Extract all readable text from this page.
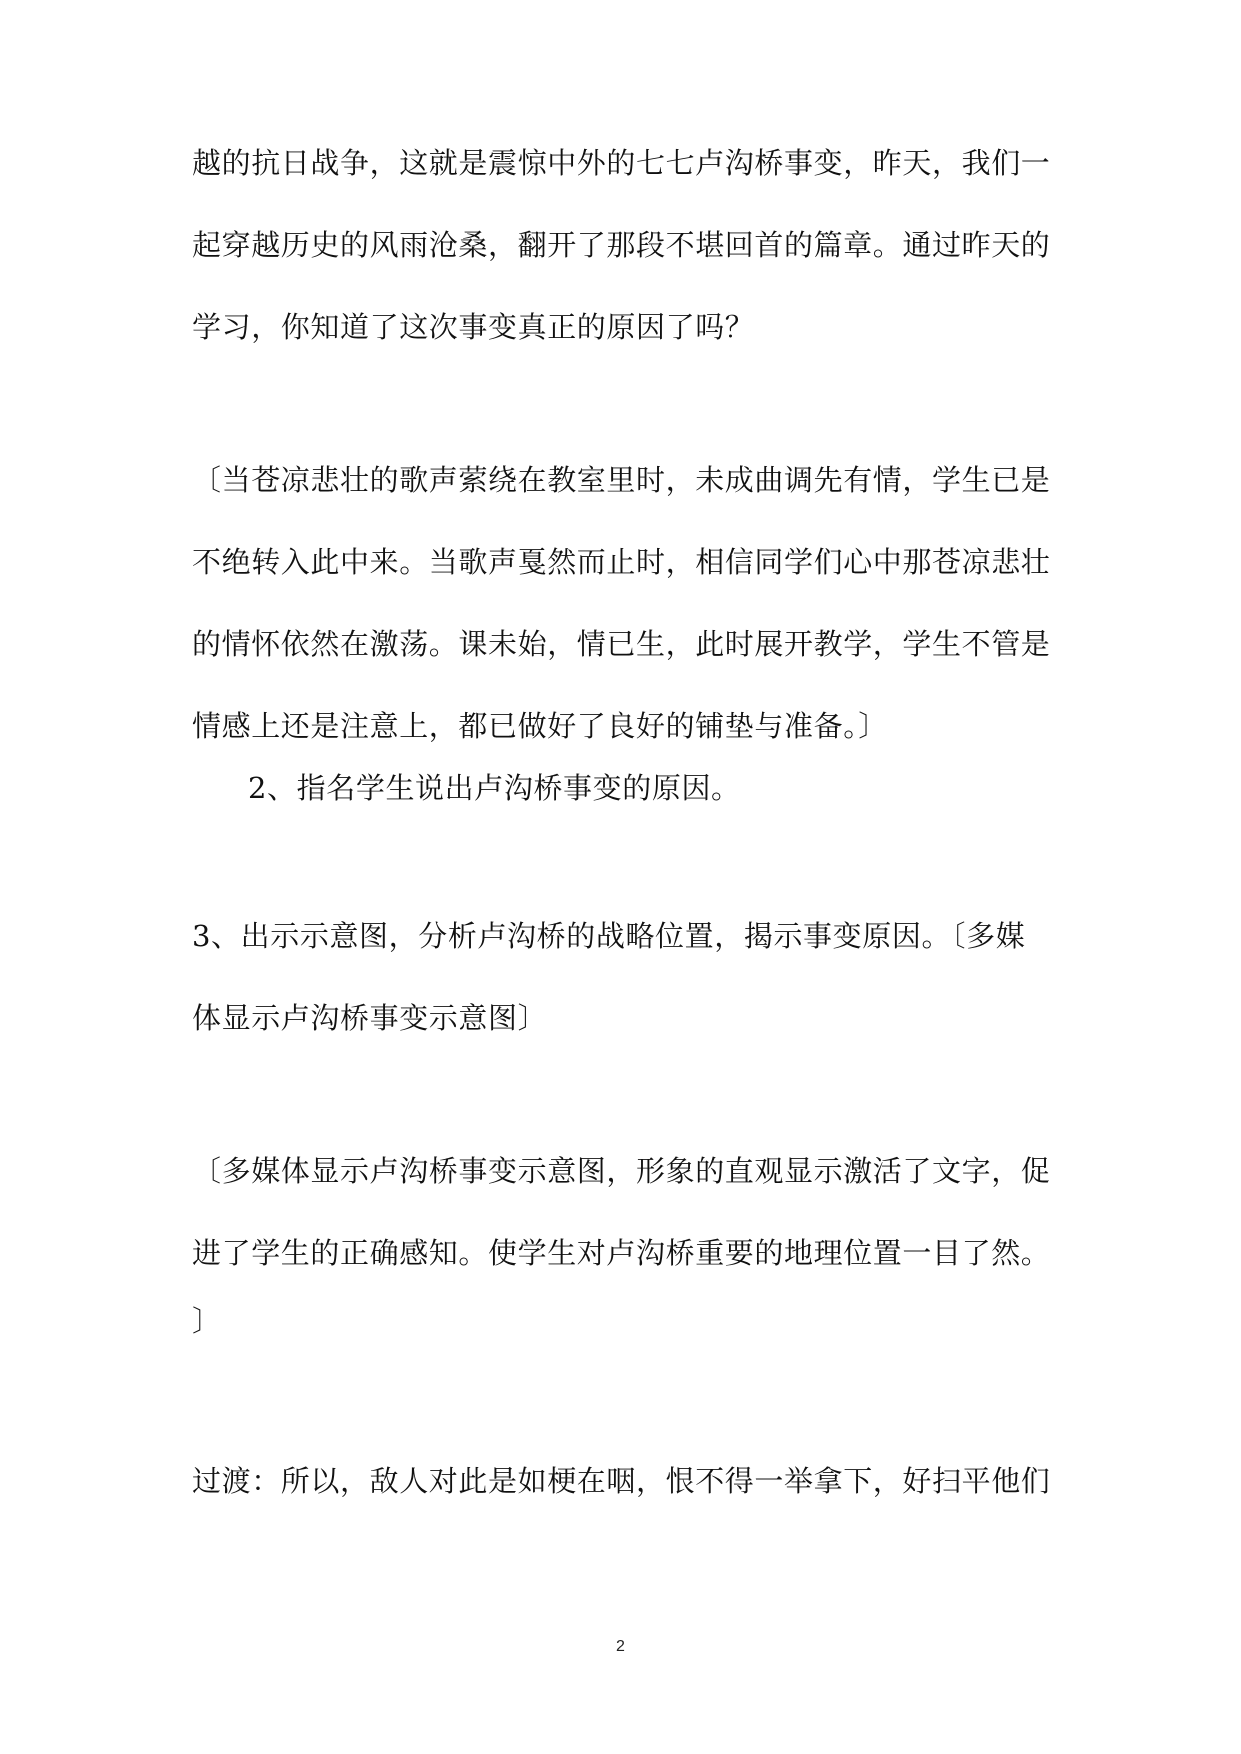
越的抗日战争，这就是震惊中外的七七卢沟桥事变，昨天，我们一
起穿越历史的风雨沧桑，翻开了那段不堪回首的篇章。通过昨天的
学习，你知道了这次事变真正的原因了吗？
〔当苍凉悲壮的歌声萦绕在教室里时，未成曲调先有情，学生已是
不绝转入此中来。当歌声戛然而止时，相信同学们心中那苍凉悲壮
的情怀依然在激荡。课未始，情已生，此时展开教学，学生不管是
情感上还是注意上，都已做好了良好的铺垫与准备。〕
2、指名学生说出卢沟桥事变的原因。
3、出示示意图，分析卢沟桥的战略位置，揭示事变原因。〔多媒
体显示卢沟桥事变示意图〕
〔多媒体显示卢沟桥事变示意图，形象的直观显示激活了文字，促
进了学生的正确感知。使学生对卢沟桥重要的地理位置一目了然。
〕
过渡：所以，敌人对此是如梗在咽，恨不得一举拿下，好扫平他们
2
